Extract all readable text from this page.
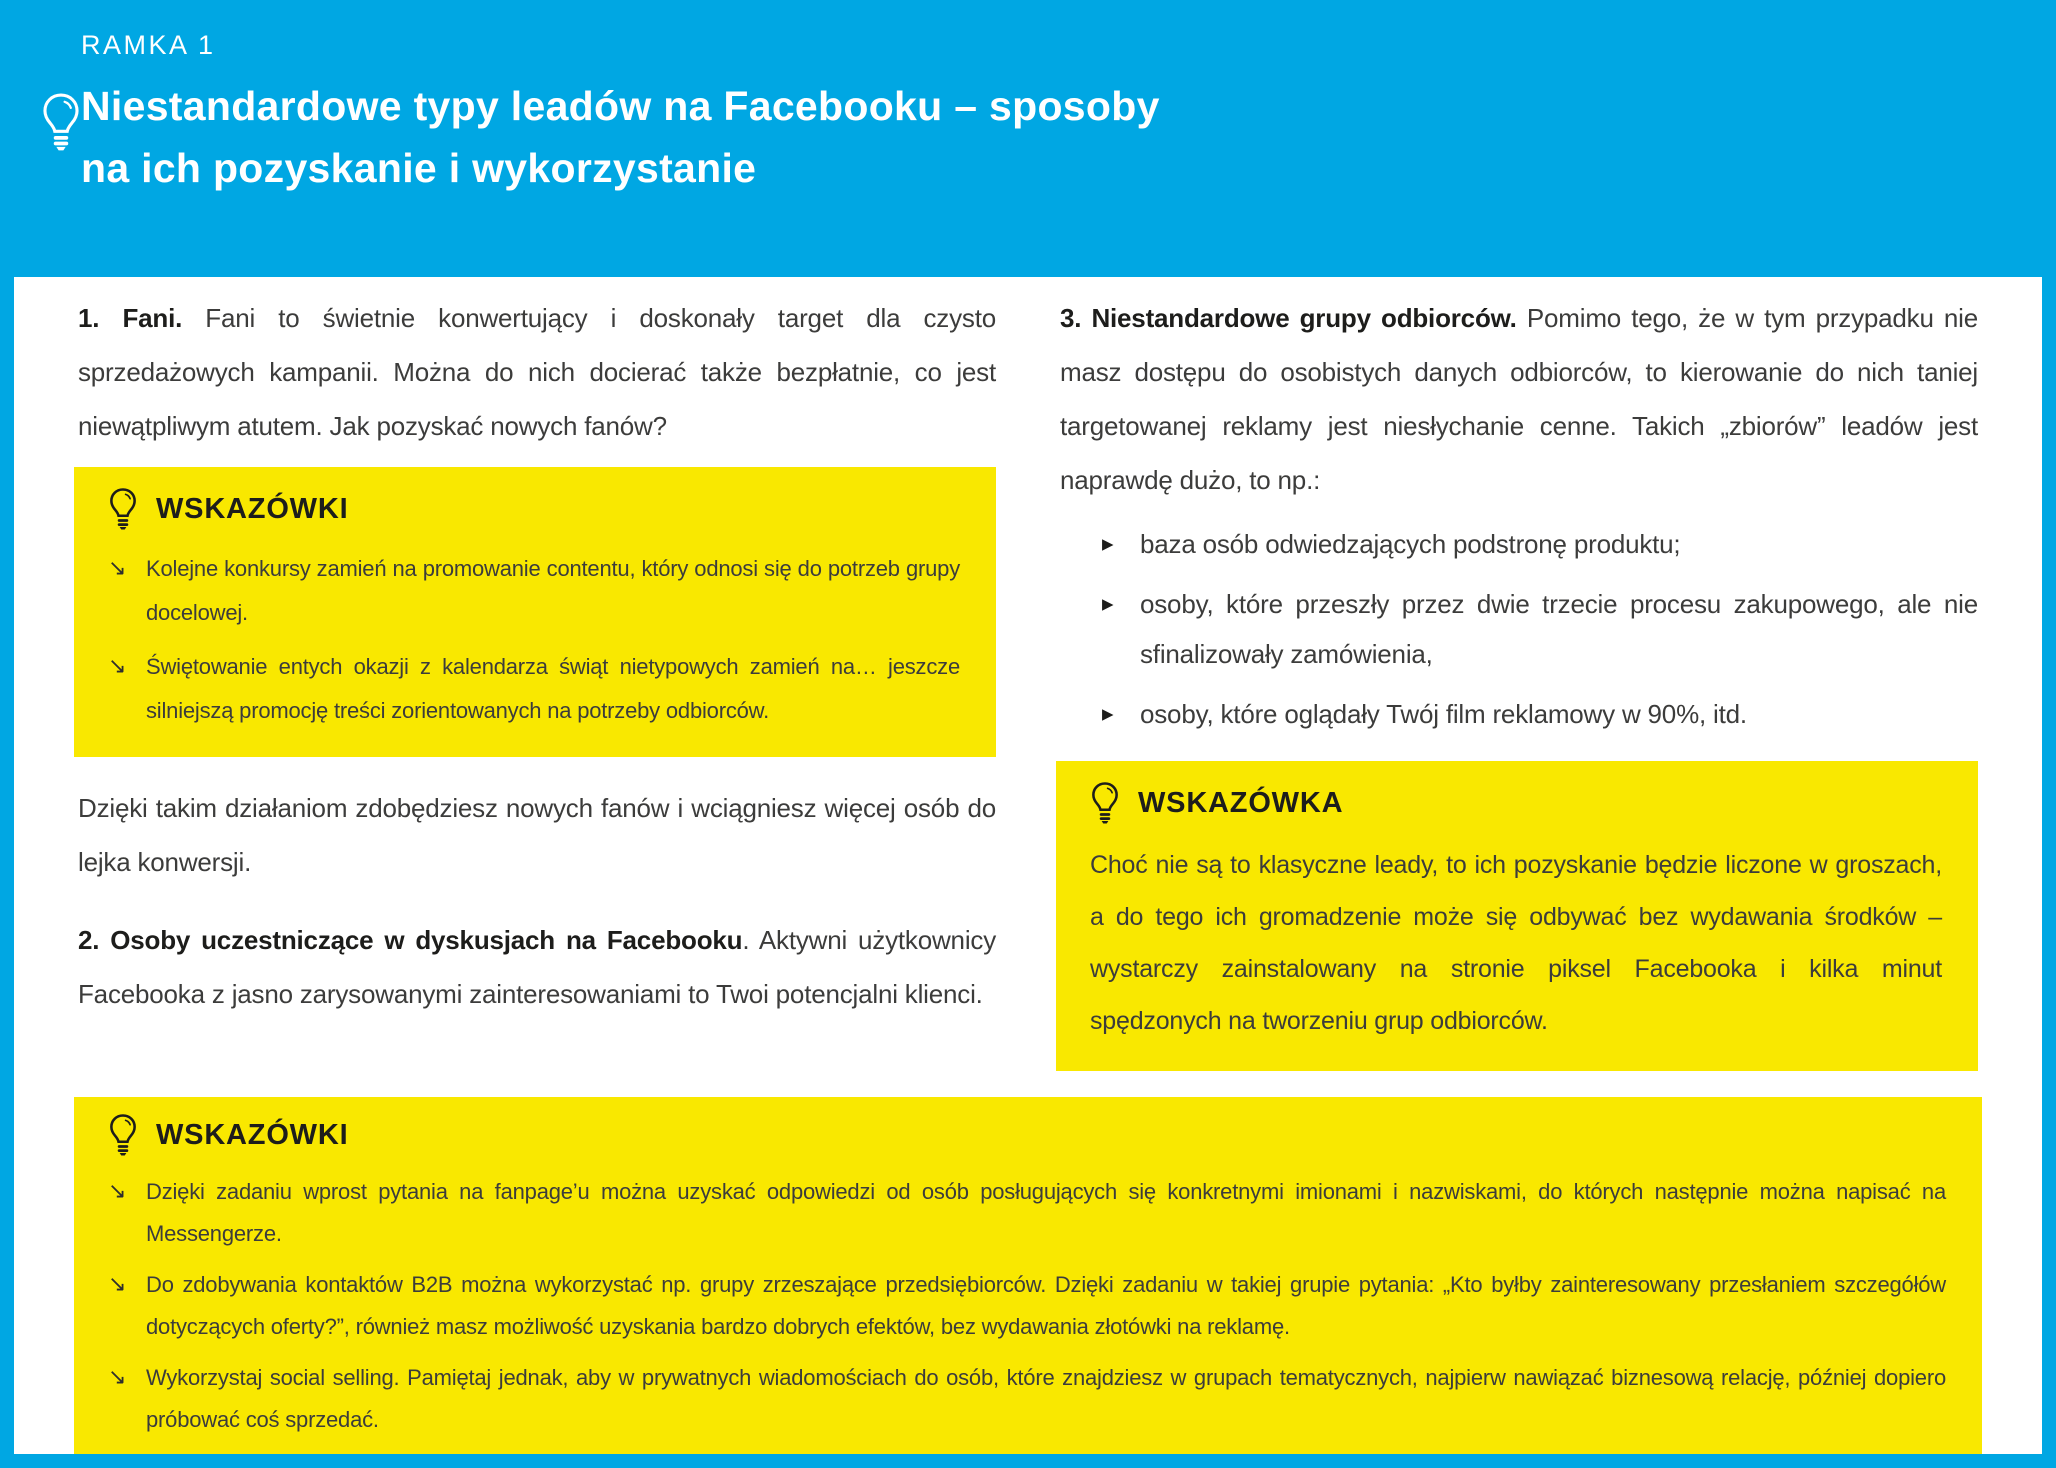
RAMKA 1
Niestandardowe typy leadów na Facebooku – sposoby
na ich pozyskanie i wykorzystanie
1. Fani. Fani to świetnie konwertujący i doskonały target dla czysto sprzedażowych kampanii. Można do nich docierać także bezpłatnie, co jest niewątpliwym atutem. Jak pozyskać nowych fanów?
WSKAZÓWKI
↘ Kolejne konkursy zamień na promowanie contentu, który odnosi się do potrzeb grupy docelowej.
↘ Świętowanie entych okazji z kalendarza świąt nietypowych zamień na… jeszcze silniejszą promocję treści zorientowanych na potrzeby odbiorców.
Dzięki takim działaniom zdobędziesz nowych fanów i wciągniesz więcej osób do lejka konwersji.
2. Osoby uczestniczące w dyskusjach na Facebooku. Aktywni użytkownicy Facebooka z jasno zarysowanymi zainteresowaniami to Twoi potencjalni klienci.
3. Niestandardowe grupy odbiorców. Pomimo tego, że w tym przypadku nie masz dostępu do osobistych danych odbiorców, to kierowanie do nich taniej targetowanej reklamy jest niesłychanie cenne. Takich „zbiorów” leadów jest naprawdę dużo, to np.:
▸	baza osób odwiedzających podstronę produktu;
▸	osoby, które przeszły przez dwie trzecie procesu zakupowego, ale nie sfinalizowały zamówienia,
▸	osoby, które oglądały Twój film reklamowy w 90%, itd.
WSKAZÓWKA
Choć nie są to klasyczne leady, to ich pozyskanie będzie liczone w groszach, a do tego ich gromadzenie może się odbywać bez wydawania środków – wystarczy zainstalowany na stronie piksel Facebooka i kilka minut spędzonych na tworzeniu grup odbiorców.
WSKAZÓWKI
↘ Dzięki zadaniu wprost pytania na fanpage’u można uzyskać odpowiedzi od osób posługujących się konkretnymi imionami i nazwiskami, do których następnie można napisać na Messengerze.
↘ Do zdobywania kontaktów B2B można wykorzystać np. grupy zrzeszające przedsiębiorców. Dzięki zadaniu w takiej grupie pytania: „Kto byłby zainteresowany przesłaniem szczegółów dotyczących oferty?”, również masz możliwość uzyskania bardzo dobrych efektów, bez wydawania złotówki na reklamę.
↘ Wykorzystaj social selling. Pamiętaj jednak, aby w prywatnych wiadomościach do osób, które znajdziesz w grupach tematycznych, najpierw nawiązać biznesową relację, później dopiero próbować coś sprzedać.
